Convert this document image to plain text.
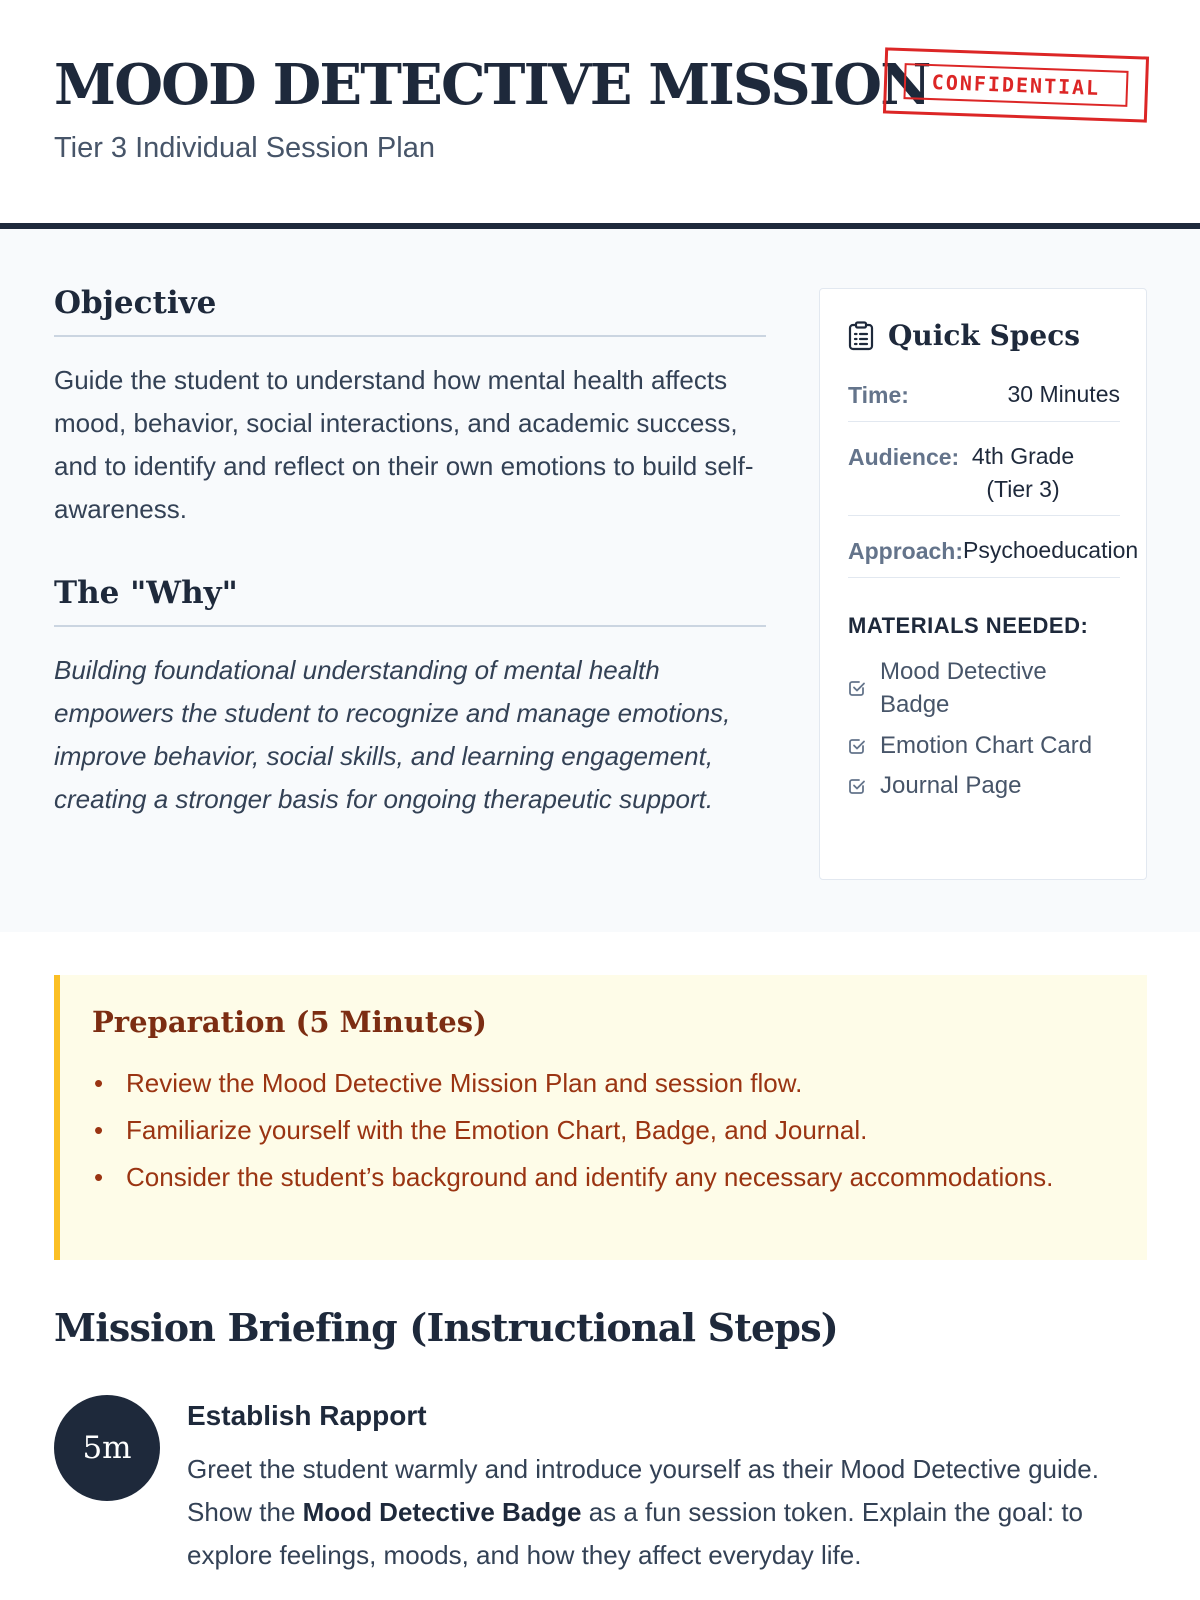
MOOD DETECTIVE MISSION
Tier 3 Individual Session Plan
CONFIDENTIAL
Objective

Guide the student to understand how mental health affects mood, behavior, social interactions, and academic success, and to identify and reflect on their own emotions to build self-awareness.

The "Why"

Building foundational understanding of mental health empowers the student to recognize and manage emotions, improve behavior, social skills, and learning engagement, creating a stronger basis for ongoing therapeutic support.

Quick Specs
Time:	30 Minutes
Audience: 4th Grade (Tier 3)
Approach: Psychoeducation
MATERIALS NEEDED:
Mood Detective Badge
Emotion Chart Card
Journal Page
Preparation (5 Minutes)
• Review the Mood Detective Mission Plan and session flow.
• Familiarize yourself with the Emotion Chart, Badge, and Journal.
• Consider the student’s background and identify any necessary accommodations.
Mission Briefing (Instructional Steps)
5m
Establish Rapport

Greet the student warmly and introduce yourself as their Mood Detective guide. Show the Mood Detective Badge as a fun session token. Explain the goal: to explore feelings, moods, and how they affect everyday life.
